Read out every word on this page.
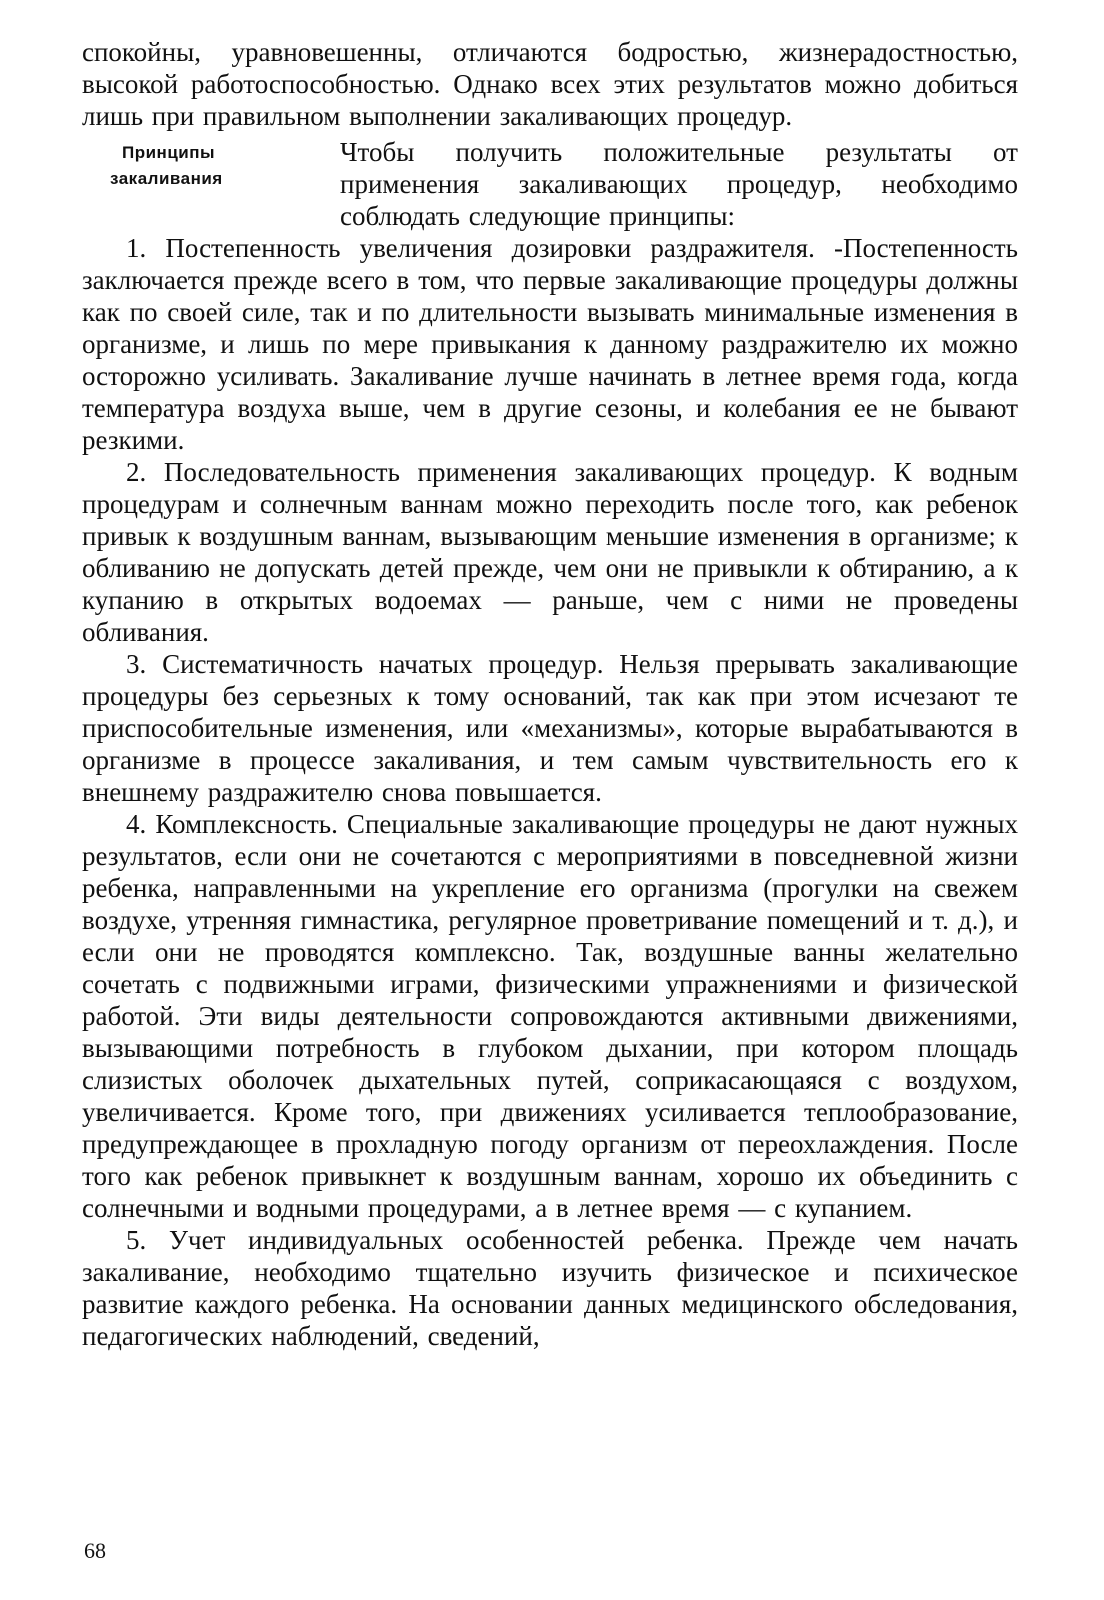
спокойны, уравновешенны, отличаются бодростью, жизнерадостностью, высокой работоспособностью. Однако всех этих результатов можно добиться лишь при правильном выполнении закаливающих процедур.

Принципы
закаливания

Чтобы получить положительные результаты от применения закаливающих процедур, необходимо соблюдать следующие принципы:

1. Постепенность увеличения дозировки раздражителя. -Постепенность заключается прежде всего в том, что первые закаливающие процедуры должны как по своей силе, так и по длительности вызывать минимальные изменения в организме, и лишь по мере привыкания к данному раздражителю их можно осторожно усиливать. Закаливание лучше начинать в летнее время года, когда температура воздуха выше, чем в другие сезоны, и колебания ее не бывают резкими.

2. Последовательность применения закаливающих процедур. К водным процедурам и солнечным ваннам можно переходить после того, как ребенок привык к воздушным ваннам, вызывающим меньшие изменения в организме; к обливанию не допускать детей прежде, чем они не привыкли к обтиранию, а к купанию в открытых водоемах — раньше, чем с ними не проведены обливания.

3. Систематичность начатых процедур. Нельзя прерывать закаливающие процедуры без серьезных к тому оснований, так как при этом исчезают те приспособительные изменения, или «механизмы», которые вырабатываются в организме в процессе закаливания, и тем самым чувствительность его к внешнему раздражителю снова повышается.

4. Комплексность. Специальные закаливающие процедуры не дают нужных результатов, если они не сочетаются с мероприятиями в повседневной жизни ребенка, направленными на укрепление его организма (прогулки на свежем воздухе, утренняя гимнастика, регулярное проветривание помещений и т. д.), и если они не проводятся комплексно. Так, воздушные ванны желательно сочетать с подвижными играми, физическими упражнениями и физической работой. Эти виды деятельности сопровождаются активными движениями, вызывающими потребность в глубоком дыхании, при котором площадь слизистых оболочек дыхательных путей, соприкасающаяся с воздухом, увеличивается. Кроме того, при движениях усиливается теплообразование, предупреждающее в прохладную погоду организм от переохлаждения. После того как ребенок привыкнет к воздушным ваннам, хорошо их объединить с солнечными и водными процедурами, а в летнее время — с купанием.

5. Учет индивидуальных особенностей ребенка. Прежде чем начать закаливание, необходимо тщательно изучить физическое и психическое развитие каждого ребенка. На основании данных медицинского обследования, педагогических наблюдений, сведений,

68
